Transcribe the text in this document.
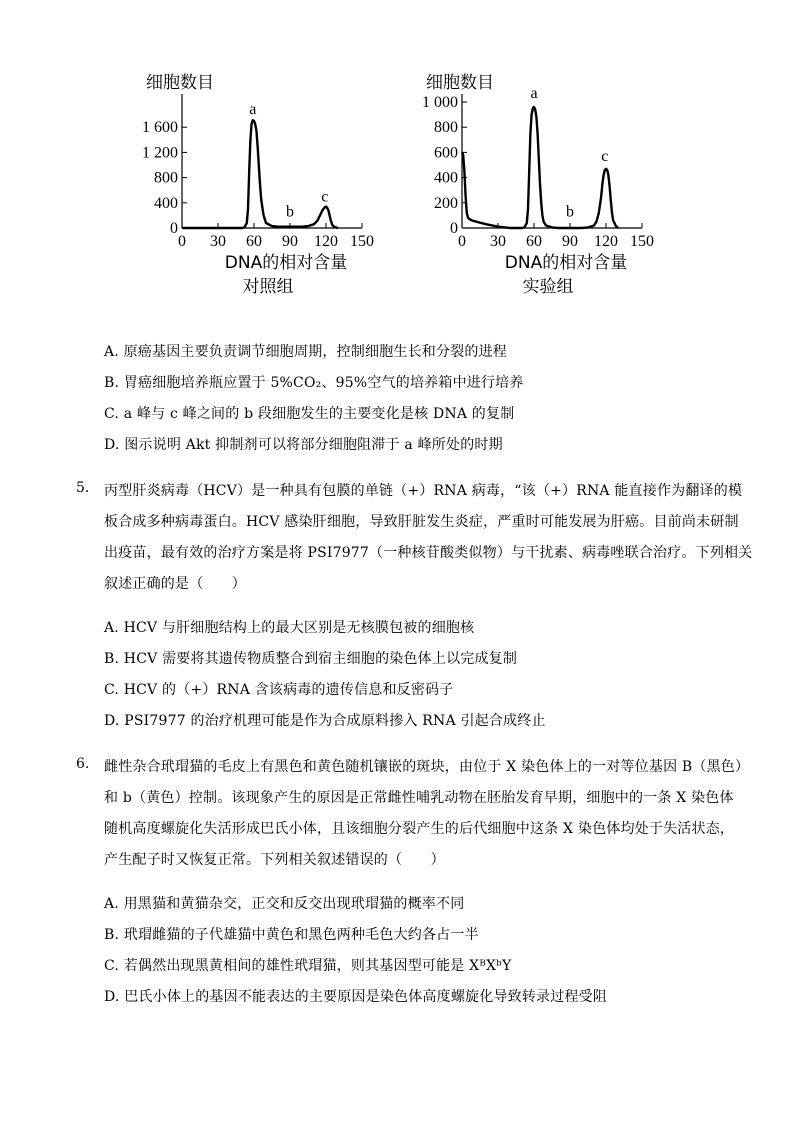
细胞数目
0
400
800
1 200
1 600
0 30 60 90 120 150
DNA的相对含量
对照组
a
b
c
细胞数目
0
200
400
600
800
1 000
0 30 60 90 120 150
DNA的相对含量
实验组
a
b
c
A. 原癌基因主要负责调节细胞周期，控制细胞生长和分裂的进程
B. 胃癌细胞培养瓶应置于 5%CO₂、95%空气的培养箱中进行培养
C. a 峰与 c 峰之间的 b 段细胞发生的主要变化是核 DNA 的复制
D. 图示说明 Akt 抑制剂可以将部分细胞阻滞于 a 峰所处的时期
5. 丙型肝炎病毒（HCV）是一种具有包膜的单链（+）RNA 病毒，“该（+）RNA 能直接作为翻译的模
板合成多种病毒蛋白。HCV 感染肝细胞，导致肝脏发生炎症，严重时可能发展为肝癌。目前尚未研制
出疫苗，最有效的治疗方案是将 PSI7977（一种核苷酸类似物）与干扰素、病毒唑联合治疗。下列相关
叙述正确的是（　　）
A. HCV 与肝细胞结构上的最大区别是无核膜包被的细胞核
B. HCV 需要将其遗传物质整合到宿主细胞的染色体上以完成复制
C. HCV 的（+）RNA 含该病毒的遗传信息和反密码子
D. PSI7977 的治疗机理可能是作为合成原料掺入 RNA 引起合成终止
6. 雌性杂合玳瑁猫的毛皮上有黑色和黄色随机镶嵌的斑块，由位于 X 染色体上的一对等位基因 B（黑色）
和 b（黄色）控制。该现象产生的原因是正常雌性哺乳动物在胚胎发育早期，细胞中的一条 X 染色体
随机高度螺旋化失活形成巴氏小体，且该细胞分裂产生的后代细胞中这条 X 染色体均处于失活状态，
产生配子时又恢复正常。下列相关叙述错误的（　　）
A. 用黑猫和黄猫杂交，正交和反交出现玳瑁猫的概率不同
B. 玳瑁雌猫的子代雄猫中黄色和黑色两种毛色大约各占一半
C. 若偶然出现黑黄相间的雄性玳瑁猫，则其基因型可能是 XᴮXᵇY
D. 巴氏小体上的基因不能表达的主要原因是染色体高度螺旋化导致转录过程受阻
